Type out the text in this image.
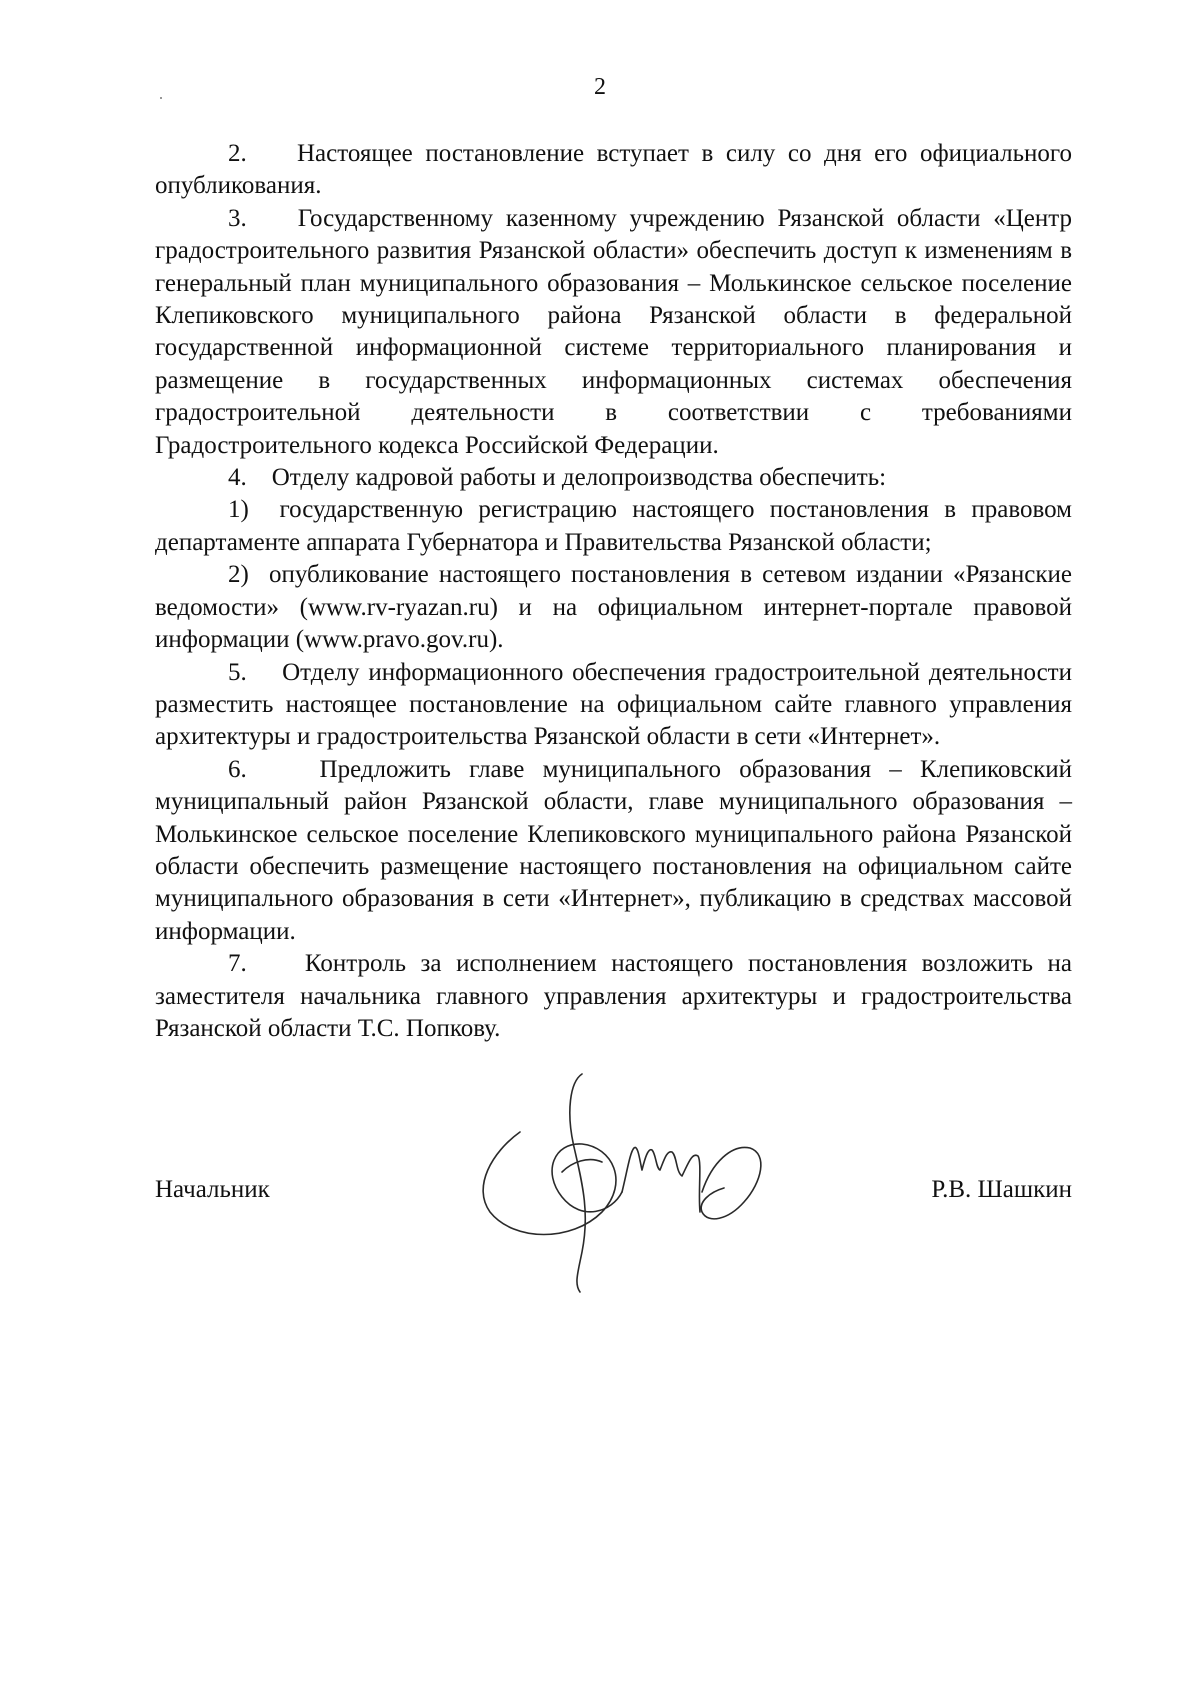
2

2.    Настоящее постановление вступает в силу со дня его официального опубликования.

3.    Государственному казенному учреждению Рязанской области «Центр градостроительного развития Рязанской области» обеспечить доступ к изменениям в генеральный план муниципального образования – Молькинское сельское поселение Клепиковского муниципального района Рязанской области в федеральной государственной информационной системе территориального планирования и размещение в государственных информационных системах обеспечения градостроительной деятельности в соответствии с требованиями Градостроительного кодекса Российской Федерации.

4.    Отделу кадровой работы и делопроизводства обеспечить:

1)  государственную регистрацию настоящего постановления в правовом департаменте аппарата Губернатора и Правительства Рязанской области;

2)  опубликование настоящего постановления в сетевом издании «Рязанские ведомости» (www.rv-ryazan.ru) и на официальном интернет-портале правовой информации (www.pravo.gov.ru).

5.    Отделу информационного обеспечения градостроительной деятельности разместить настоящее постановление на официальном сайте главного управления архитектуры и градостроительства Рязанской области в сети «Интернет».

6.    Предложить главе муниципального образования – Клепиковский муниципальный район Рязанской области, главе муниципального образования – Молькинское сельское поселение Клепиковского муниципального района Рязанской области обеспечить размещение настоящего постановления на официальном сайте муниципального образования в сети «Интернет», публикацию в средствах массовой информации.

7.    Контроль за исполнением настоящего постановления возложить на заместителя начальника главного управления архитектуры и градостроительства Рязанской области Т.С. Попкову.

Начальник	Р.В. Шашкин
